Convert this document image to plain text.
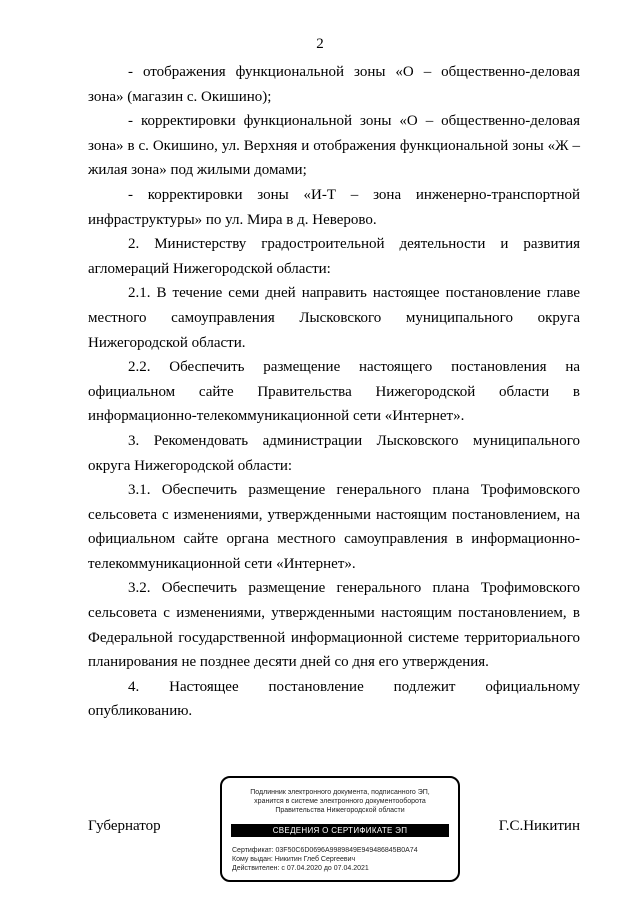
2

- отображения функциональной зоны «О – общественно-деловая зона» (магазин с. Окишино);

- корректировки функциональной зоны «О – общественно-деловая зона» в с. Окишино, ул. Верхняя и отображения функциональной зоны «Ж – жилая зона» под жилыми домами;

- корректировки зоны «И-Т – зона инженерно-транспортной инфраструктуры» по ул. Мира в д. Неверово.

2. Министерству градостроительной деятельности и развития агломераций Нижегородской области:

2.1. В течение семи дней направить настоящее постановление главе местного самоуправления Лысковского муниципального округа Нижегородской области.

2.2. Обеспечить размещение настоящего постановления на официальном сайте Правительства Нижегородской области в информационно-телекоммуникационной сети «Интернет».

3. Рекомендовать администрации Лысковского муниципального округа Нижегородской области:

3.1. Обеспечить размещение генерального плана Трофимовского сельсовета с изменениями, утвержденными настоящим постановлением, на официальном сайте органа местного самоуправления в информационно-телекоммуникационной сети «Интернет».

3.2. Обеспечить размещение генерального плана Трофимовского сельсовета с изменениями, утвержденными настоящим постановлением, в Федеральной государственной информационной системе территориального планирования не позднее десяти дней со дня его утверждения.

4. Настоящее постановление подлежит официальному опубликованию.

Губернатор
Подлинник электронного документа, подписанного ЭП,
хранится в системе электронного документооборота
Правительства Нижегородской области
СВЕДЕНИЯ О СЕРТИФИКАТЕ ЭП
Сертификат: 03F50C6D0696A9989849E949486845B0A74
Кому выдан: Никитин Глеб Сергеевич
Действителен: с 07.04.2020 до 07.04.2021
Г.С.Никитин
